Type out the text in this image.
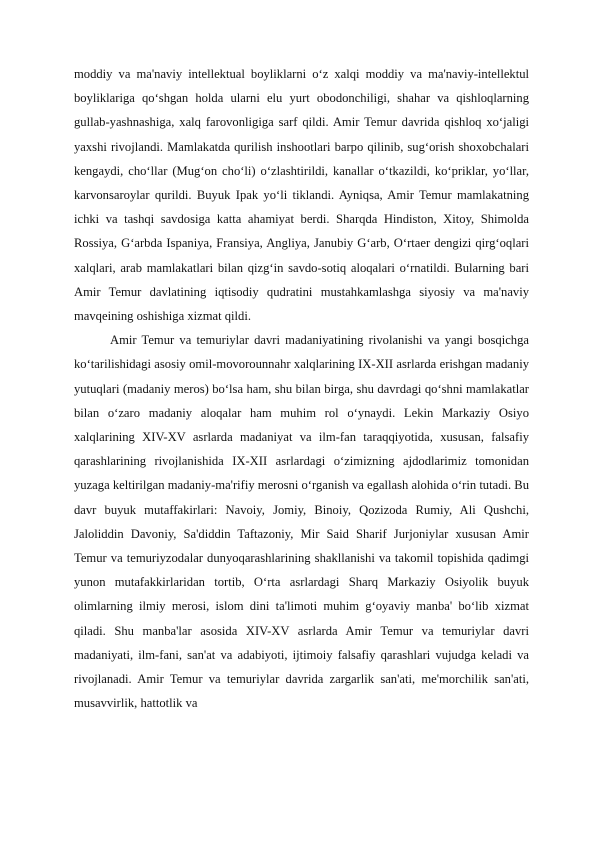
moddiy va ma'naviy intellektual boyliklarni o‘z xalqi moddiy va ma'naviy-intellektul boyliklariga qo‘shgan holda ularni elu yurt obodonchiligi, shahar va qishloqlarning gullab-yashnashiga, xalq farovonligiga sarf qildi. Amir Temur davrida qishloq xo‘jaligi yaxshi rivojlandi. Mamlakatda qurilish inshootlari barpo qilinib, sug‘orish shoxobchalari kengaydi, cho‘llar (Mug‘on cho‘li) o‘zlashtirildi, kanallar o‘tkazildi, ko‘priklar, yo‘llar, karvonsaroylar qurildi. Buyuk Ipak yo‘li tiklandi. Ayniqsa, Amir Temur mamlakatning ichki va tashqi savdosiga katta ahamiyat berdi. Sharqda Hindiston, Xitoy, Shimolda Rossiya, G‘arbda Ispaniya, Fransiya, Angliya, Janubiy G‘arb, O‘rtaer dengizi qirg‘oqlari xalqlari, arab mamlakatlari bilan qizg‘in savdo-sotiq aloqalari o‘rnatildi. Bularning bari Amir Temur davlatining iqtisodiy qudratini mustahkamlashga siyosiy va ma'naviy mavqeining oshishiga xizmat qildi.

Amir Temur va temuriylar davri madaniyatining rivolanishi va yangi bosqichga ko‘tarilishidagi asosiy omil-movorounnahr xalqlarining IX-XII asrlarda erishgan madaniy yutuqlari (madaniy meros) bo‘lsa ham, shu bilan birga, shu davrdagi qo‘shni mamlakatlar bilan o‘zaro madaniy aloqalar ham muhim rol o‘ynaydi. Lekin Markaziy Osiyo xalqlarining XIV-XV asrlarda madaniyat va ilm-fan taraqqiyotida, xususan, falsafiy qarashlarining rivojlanishida IX-XII asrlardagi o‘zimizning ajdodlarimiz tomonidan yuzaga keltirilgan madaniy-ma'rifiy merosni o‘rganish va egallash alohida o‘rin tutadi. Bu davr buyuk mutaffakirlari: Navoiy, Jomiy, Binoiy, Qozizoda Rumiy, Ali Qushchi, Jaloliddin Davoniy, Sa'diddin Taftazoniy, Mir Said Sharif Jurjoniylar xususan Amir Temur va temuriyzodalar dunyoqarashlarining shakllanishi va takomil topishida qadimgi yunon mutafakkirlaridan tortib, O‘rta asrlardagi Sharq Markaziy Osiyolik buyuk olimlarning ilmiy merosi, islom dini ta'limoti muhim g‘oyaviy manba' bo‘lib xizmat qiladi. Shu manba'lar asosida XIV-XV asrlarda Amir Temur va temuriylar davri madaniyati, ilm-fani, san'at va adabiyoti, ijtimoiy falsafiy qarashlari vujudga keladi va rivojlanadi. Amir Temur va temuriylar davrida zargarlik san'ati, me'morchilik san'ati, musavvirlik, hattotlik va
